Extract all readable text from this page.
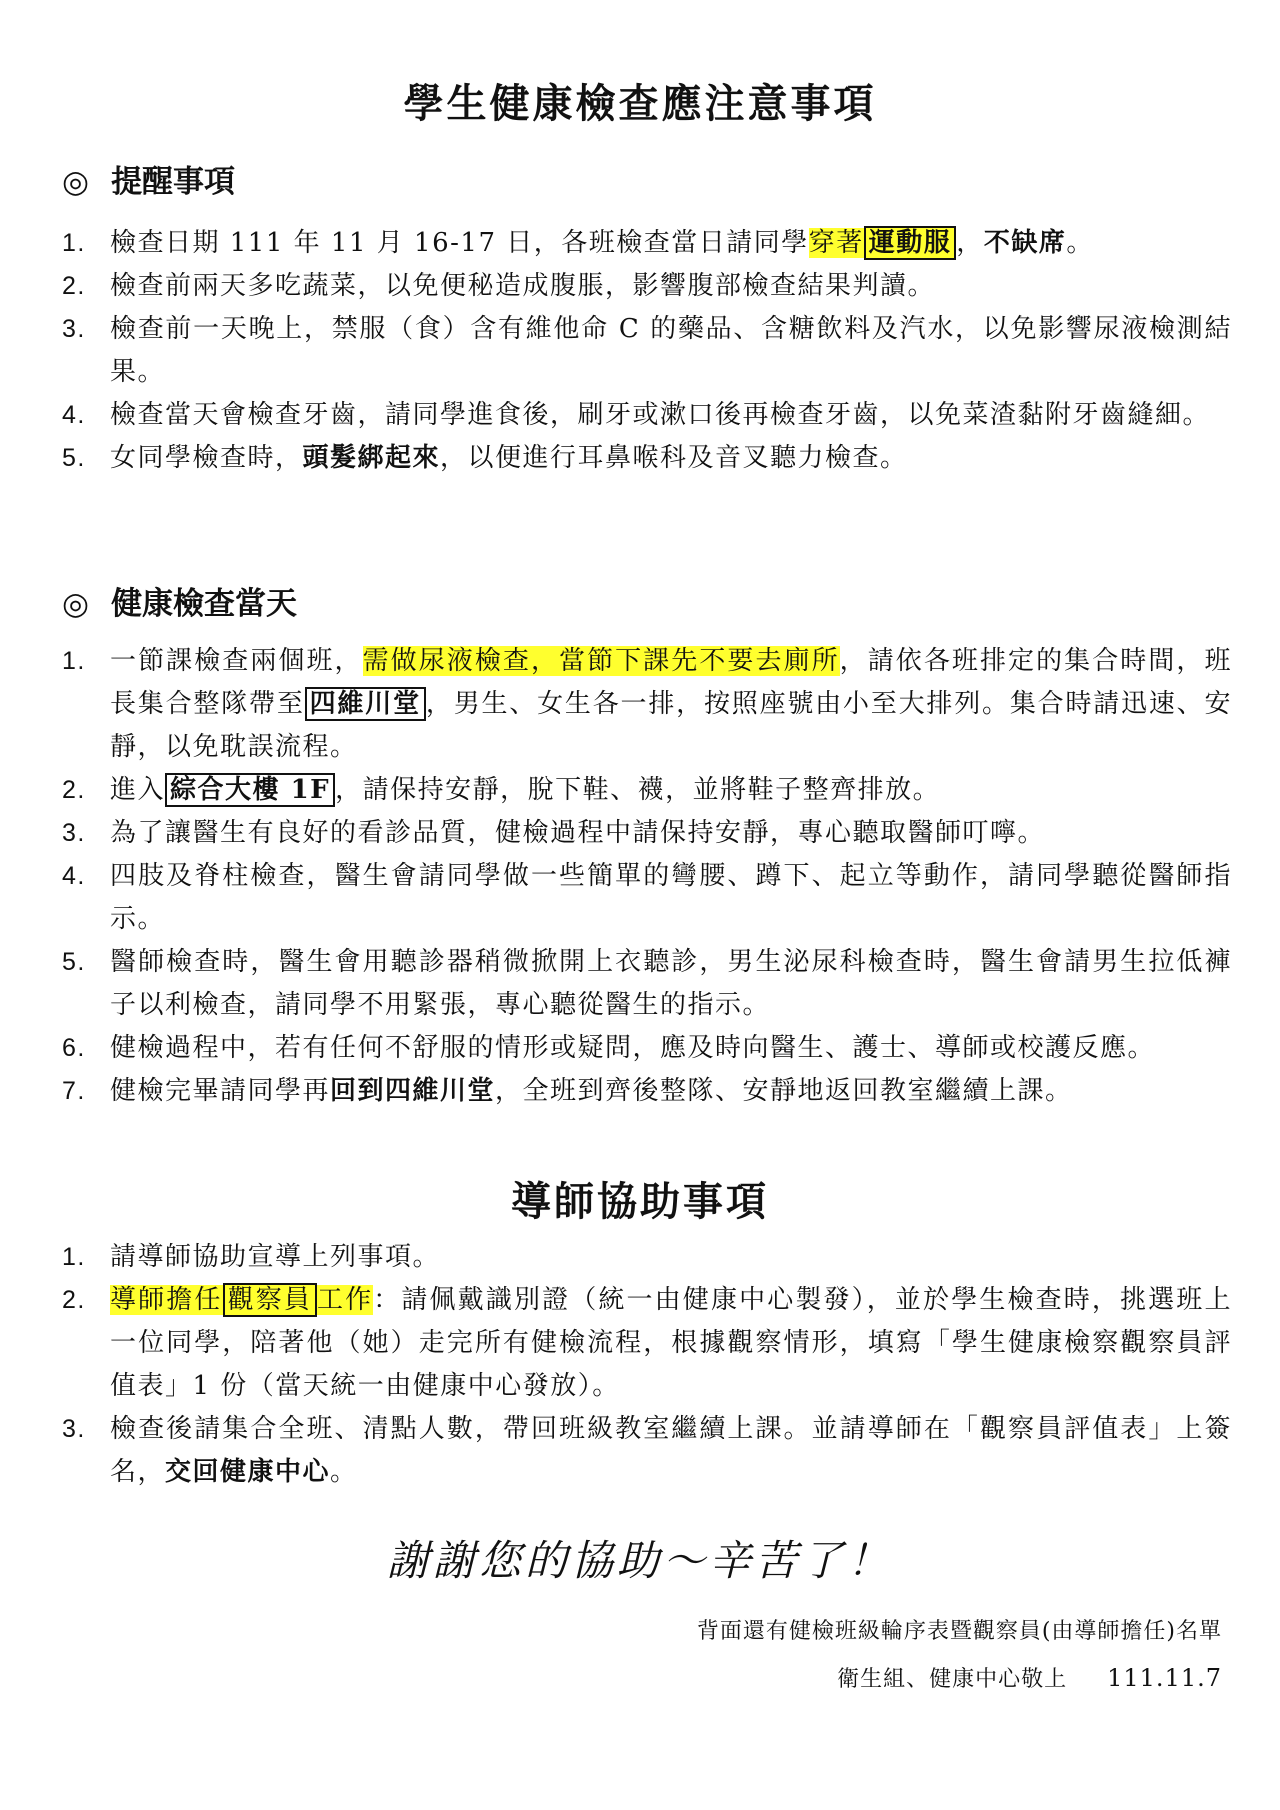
學生健康檢查應注意事項
◎ 提醒事項
1. 檢查日期 111 年 11 月 16-17 日，各班檢查當日請同學穿著 運動服 ，不缺席。
2. 檢查前兩天多吃蔬菜，以免便秘造成腹脹，影響腹部檢查結果判讀。
3. 檢查前一天晚上，禁服（食）含有維他命 C 的藥品、含糖飲料及汽水，以免影響尿液檢測結果。
4. 檢查當天會檢查牙齒，請同學進食後，刷牙或漱口後再檢查牙齒，以免菜渣黏附牙齒縫細。
5. 女同學檢查時，頭髮綁起來，以便進行耳鼻喉科及音叉聽力檢查。
◎ 健康檢查當天
1. 一節課檢查兩個班，需做尿液檢查，當節下課先不要去廁所，請依各班排定的集合時間，班長集合整隊帶至 四維川堂 ，男生、女生各一排，按照座號由小至大排列。集合時請迅速、安靜，以免耽誤流程。
2. 進入 綜合大樓 1F ，請保持安靜，脫下鞋、襪，並將鞋子整齊排放。
3. 為了讓醫生有良好的看診品質，健檢過程中請保持安靜，專心聽取醫師叮嚀。
4. 四肢及脊柱檢查，醫生會請同學做一些簡單的彎腰、蹲下、起立等動作，請同學聽從醫師指示。
5. 醫師檢查時，醫生會用聽診器稍微掀開上衣聽診，男生泌尿科檢查時，醫生會請男生拉低褲子以利檢查，請同學不用緊張，專心聽從醫生的指示。
6. 健檢過程中，若有任何不舒服的情形或疑問，應及時向醫生、護士、導師或校護反應。
7. 健檢完畢請同學再回到四維川堂，全班到齊後整隊、安靜地返回教室繼續上課。
導師協助事項
1. 請導師協助宣導上列事項。
2. 導師擔任 觀察員 工作：請佩戴識別證（統一由健康中心製發），並於學生檢查時，挑選班上一位同學，陪著他（她）走完所有健檢流程，根據觀察情形，填寫「學生健康檢察觀察員評值表」1 份（當天統一由健康中心發放）。
3. 檢查後請集合全班、清點人數，帶回班級教室繼續上課。並請導師在「觀察員評值表」上簽名，交回健康中心。

謝謝您的協助～辛苦了！

背面還有健檢班級輪序表暨觀察員(由導師擔任)名單

衛生組、健康中心敬上 111.11.7
